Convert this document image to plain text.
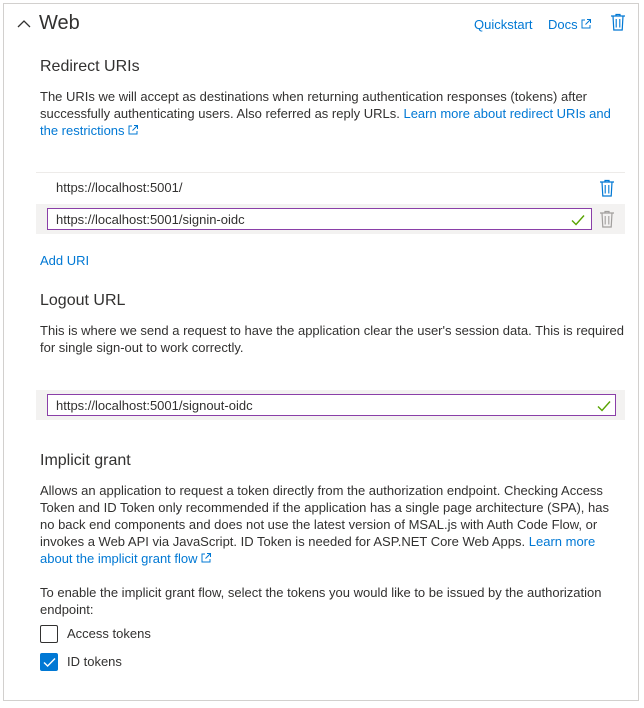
Web	Quickstart Docs
Redirect URIs
The URIs we will accept as destinations when returning authentication responses (tokens) after successfully authenticating users. Also referred as reply URLs. Learn more about redirect URIs and the restrictions
https://localhost:5001/
https://localhost:5001/signin-oidc
Add URI
Logout URL
This is where we send a request to have the application clear the user's session data. This is required for single sign-out to work correctly.
https://localhost:5001/signout-oidc
Implicit grant
Allows an application to request a token directly from the authorization endpoint. Checking Access Token and ID Token only recommended if the application has a single page architecture (SPA), has no back end components and does not use the latest version of MSAL.js with Auth Code Flow, or invokes a Web API via JavaScript. ID Token is needed for ASP.NET Core Web Apps. Learn more about the implicit grant flow
To enable the implicit grant flow, select the tokens you would like to be issued by the authorization endpoint:
Access tokens
ID tokens
